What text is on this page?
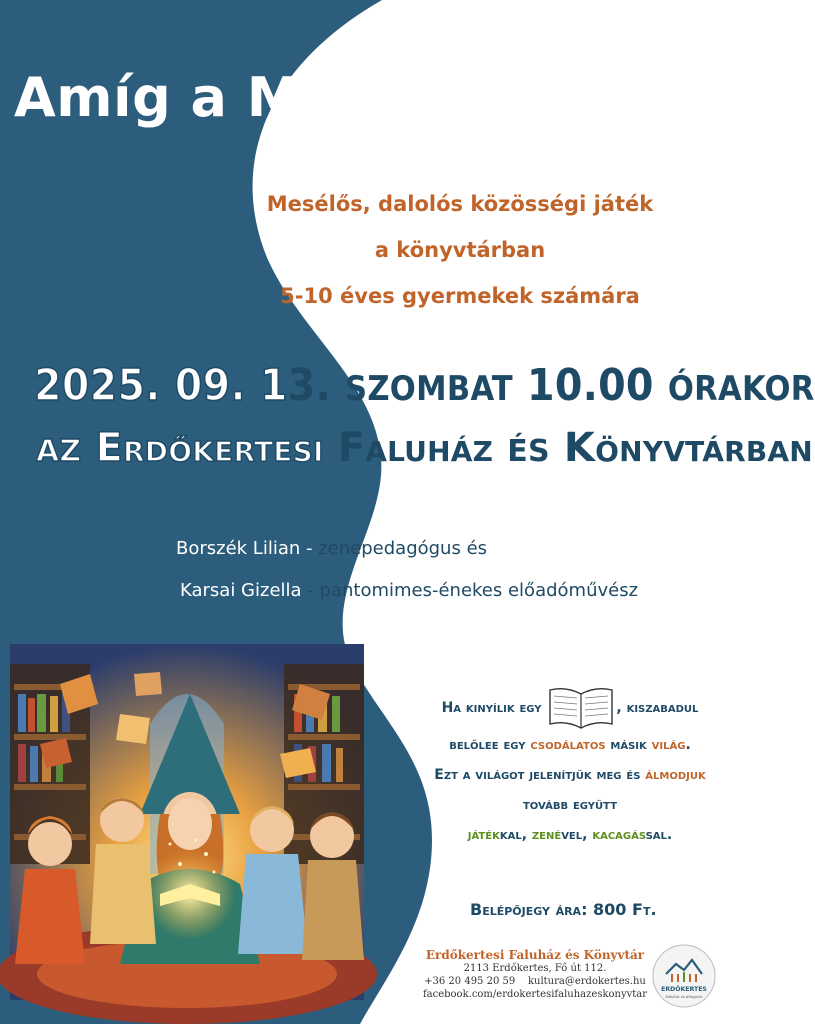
Amíg a Mama főz...
Mesélős, dalolós közösségi játék
a könyvtárban
5-10 éves gyermekek számára
2025. 09. 13. SZOMBAT 10.00 ÓRAKOR
AZ Erdőkertesi Faluház ÉS Könyvtárban
Borszék Lilian - zenepedagógus és
Karsai Gizella - pantomimes-énekes előadóművész
Ha kinyílik egy	, kiszabadul
belőlee egy csodálatos másik világ.
Ezt a világot jelenítjük meg és álmodjuk
tovább együtt
játékkal, zenével, kacagással.
Belépőjegy ára: 800 Ft.
Erdőkertesi Faluház és Könyvtár
2113 Erdőkertes, Fő út 112.
+36 20 495 20 59 kultura@erdokertes.hu
facebook.com/erdokertesifaluhazeskonyvtar	ERDŐKERTES
Faluház és Könyvtár
